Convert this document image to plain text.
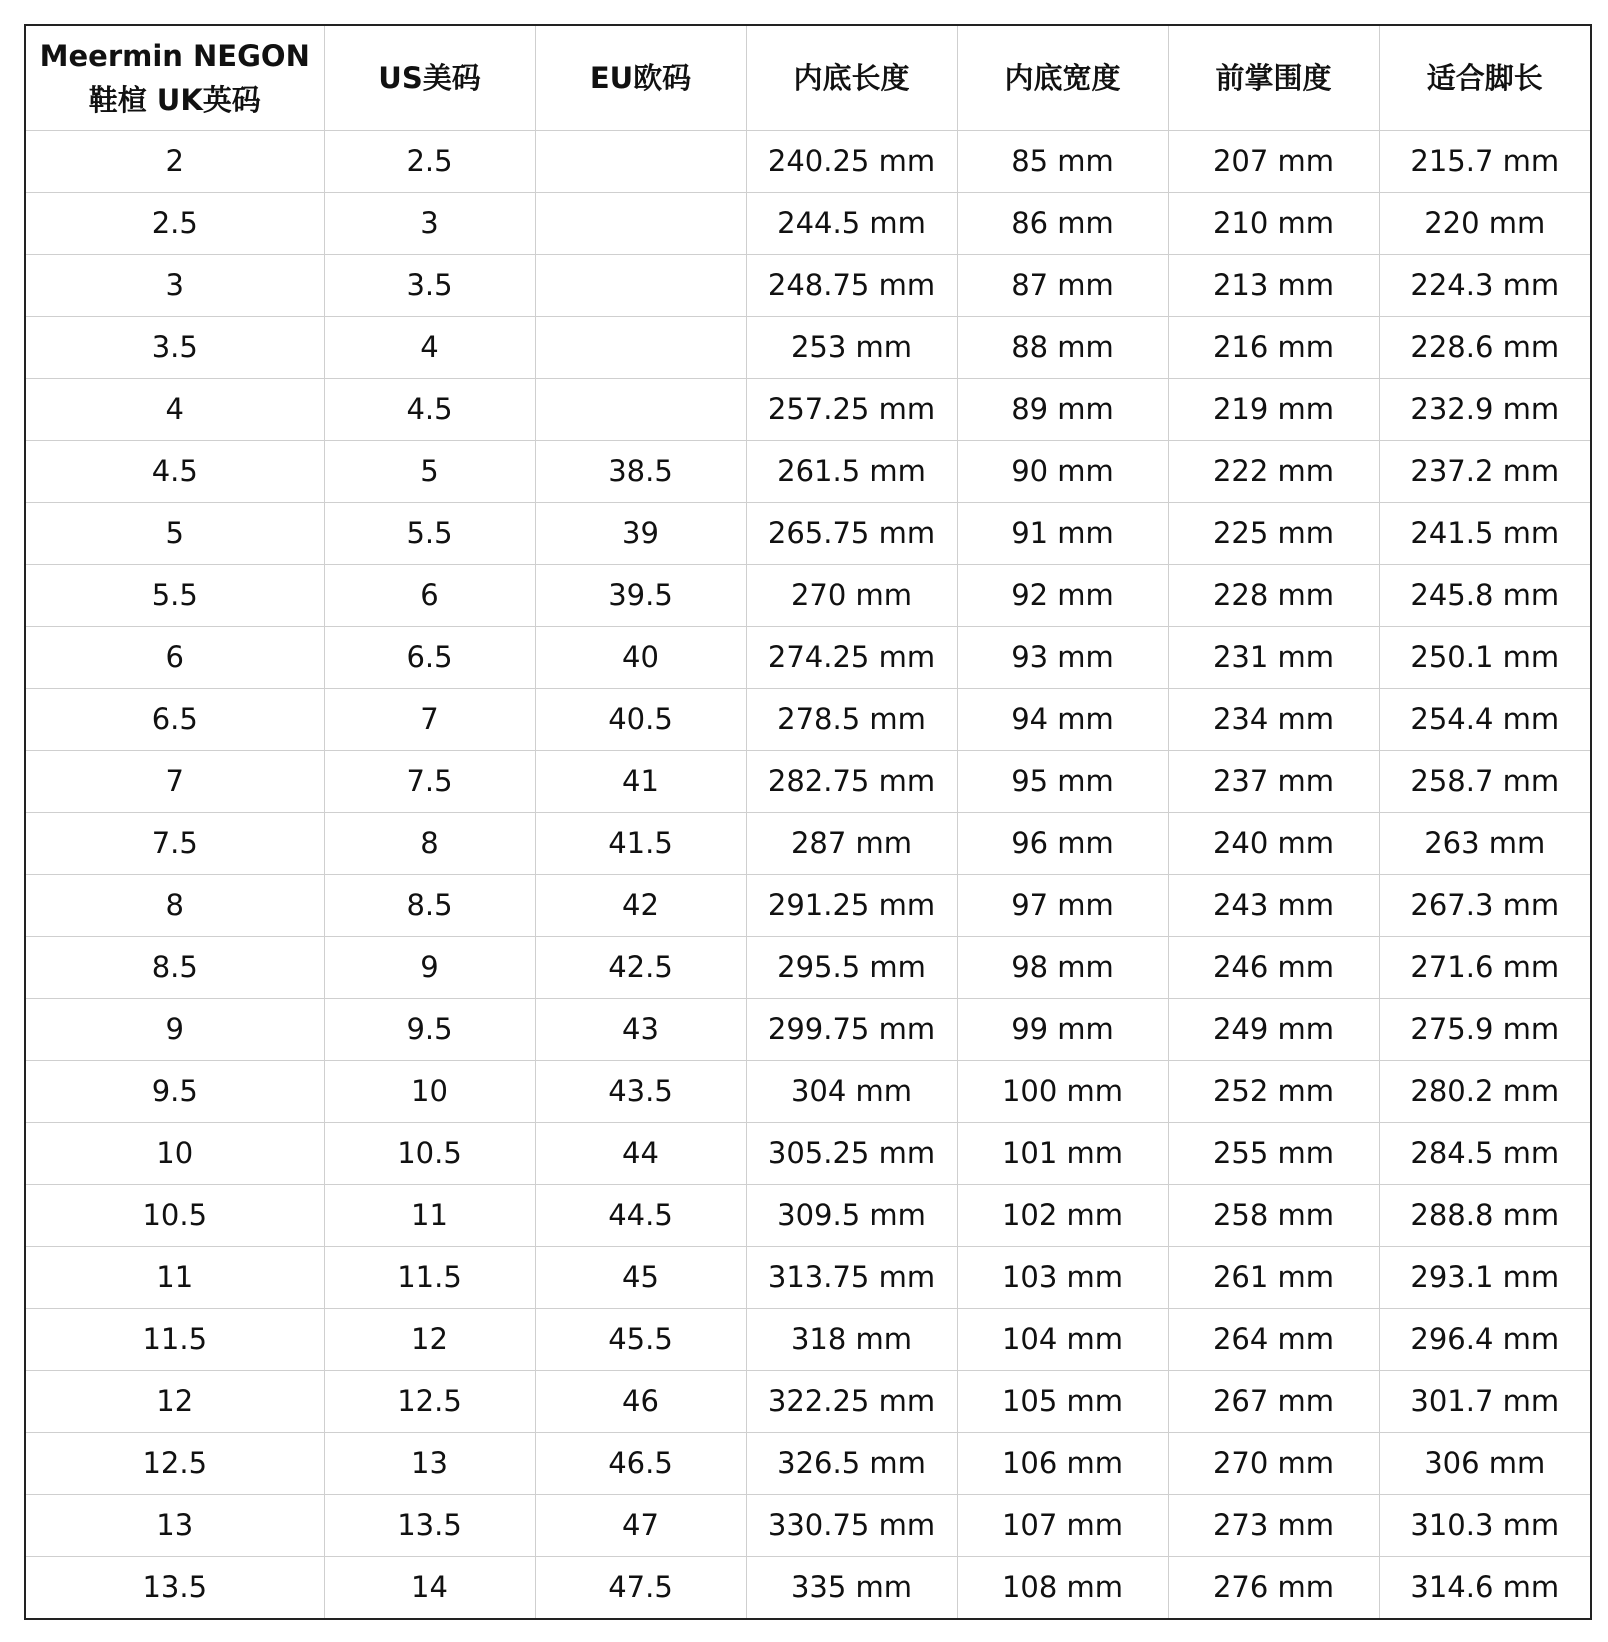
Meermin NEGON
鞋楦 UK英码	US美码	EU欧码	内底长度	内底宽度	前掌围度	适合脚长
2	2.5		240.25 mm	85 mm	207 mm	215.7 mm
2.5	3		244.5 mm	86 mm	210 mm	220 mm
3	3.5		248.75 mm	87 mm	213 mm	224.3 mm
3.5	4		253 mm	88 mm	216 mm	228.6 mm
4	4.5		257.25 mm	89 mm	219 mm	232.9 mm
4.5	5	38.5	261.5 mm	90 mm	222 mm	237.2 mm
5	5.5	39	265.75 mm	91 mm	225 mm	241.5 mm
5.5	6	39.5	270 mm	92 mm	228 mm	245.8 mm
6	6.5	40	274.25 mm	93 mm	231 mm	250.1 mm
6.5	7	40.5	278.5 mm	94 mm	234 mm	254.4 mm
7	7.5	41	282.75 mm	95 mm	237 mm	258.7 mm
7.5	8	41.5	287 mm	96 mm	240 mm	263 mm
8	8.5	42	291.25 mm	97 mm	243 mm	267.3 mm
8.5	9	42.5	295.5 mm	98 mm	246 mm	271.6 mm
9	9.5	43	299.75 mm	99 mm	249 mm	275.9 mm
9.5	10	43.5	304 mm	100 mm	252 mm	280.2 mm
10	10.5	44	305.25 mm	101 mm	255 mm	284.5 mm
10.5	11	44.5	309.5 mm	102 mm	258 mm	288.8 mm
11	11.5	45	313.75 mm	103 mm	261 mm	293.1 mm
11.5	12	45.5	318 mm	104 mm	264 mm	296.4 mm
12	12.5	46	322.25 mm	105 mm	267 mm	301.7 mm
12.5	13	46.5	326.5 mm	106 mm	270 mm	306 mm
13	13.5	47	330.75 mm	107 mm	273 mm	310.3 mm
13.5	14	47.5	335 mm	108 mm	276 mm	314.6 mm
